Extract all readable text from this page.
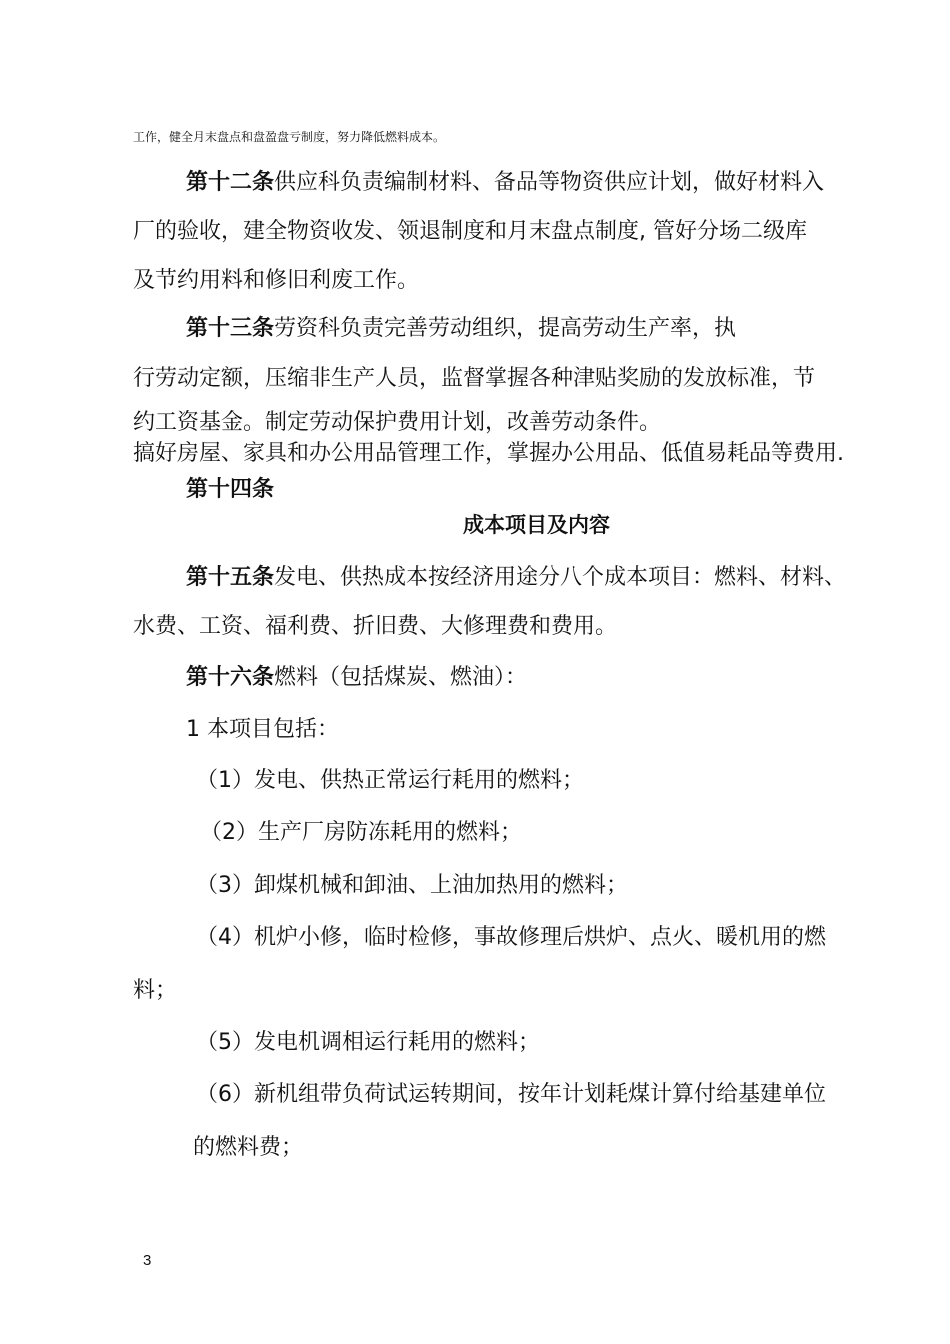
工作，健全月末盘点和盘盈盘亏制度，努力降低燃料成本。
第十二条供应科负责编制材料、备品等物资供应计划，做好材料入
厂的验收，建全物资收发、领退制度和月末盘点制度, 管好分场二级库
及节约用料和修旧利废工作。
第十三条劳资科负责完善劳动组织，提高劳动生产率，执
行劳动定额，压缩非生产人员，监督掌握各种津贴奖励的发放标准，节
约工资基金。制定劳动保护费用计划，改善劳动条件。
搞好房屋、家具和办公用品管理工作，掌握办公用品、低值易耗品等费用.
第十四条
成本项目及内容
第十五条发电、供热成本按经济用途分八个成本项目：燃料、材料、
水费、工资、福利费、折旧费、大修理费和费用。
第十六条燃料（包括煤炭、燃油）：
1 本项目包括：
（1）发电、供热正常运行耗用的燃料；
（2）生产厂房防冻耗用的燃料；
（3）卸煤机械和卸油、上油加热用的燃料；
（4）机炉小修，临时检修，事故修理后烘炉、点火、暖机用的燃
料；
（5）发电机调相运行耗用的燃料；
（6）新机组带负荷试运转期间，按年计划耗煤计算付给基建单位
的燃料费；
3
